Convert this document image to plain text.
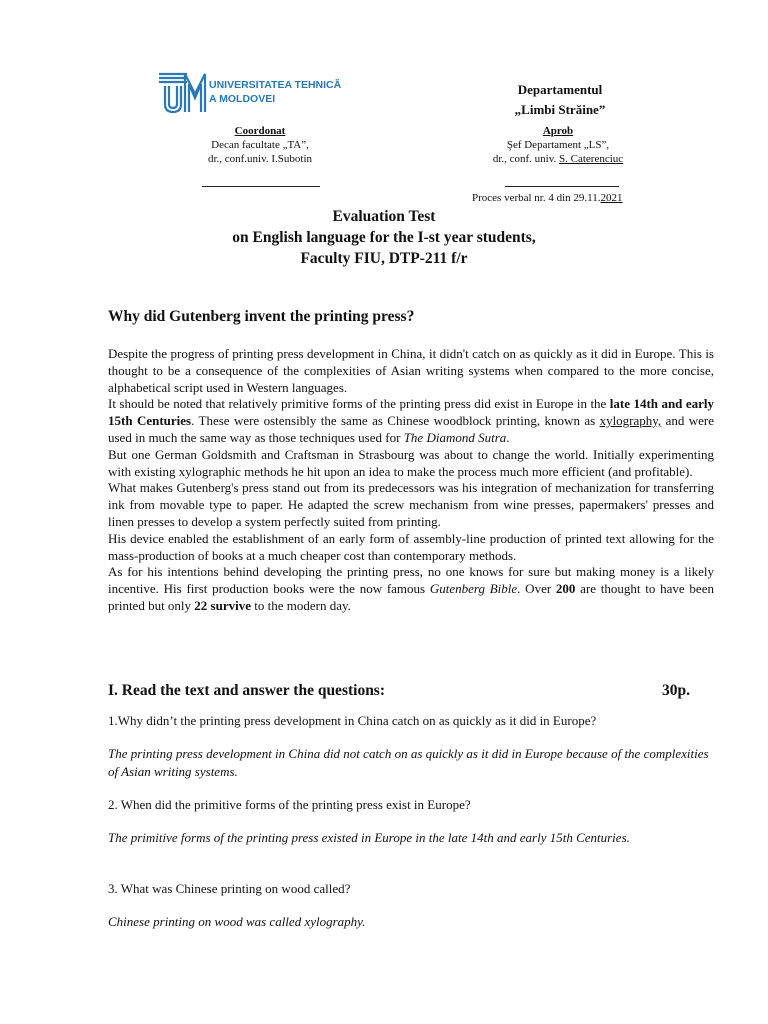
UNIVERSITATEA TEHNICĂ
A MOLDOVEI
Departamentul
„Limbi Străine”
Coordonat
Decan facultate „TA”,
dr., conf.univ. I.Subotin
Aprob
Şef Departament „LS”,
dr., conf. univ. S. Caterenciuc
Proces verbal nr. 4 din 29.11.2021
Evaluation Test
on English language for the I-st year students,
Faculty FIU, DTP-211 f/r
Why did Gutenberg invent the printing press?

Despite the progress of printing press development in China, it didn't catch on as quickly as it did in Europe. This is thought to be a consequence of the complexities of Asian writing systems when compared to the more concise, alphabetical script used in Western languages.

It should be noted that relatively primitive forms of the printing press did exist in Europe in the late 14th and early 15th Centuries. These were ostensibly the same as Chinese woodblock printing, known as xylography, and were used in much the same way as those techniques used for The Diamond Sutra.

But one German Goldsmith and Craftsman in Strasbourg was about to change the world. Initially experimenting with existing xylographic methods he hit upon an idea to make the process much more efficient (and profitable).

What makes Gutenberg's press stand out from its predecessors was his integration of mechanization for transferring ink from movable type to paper. He adapted the screw mechanism from wine presses, papermakers' presses and linen presses to develop a system perfectly suited from printing.

His device enabled the establishment of an early form of assembly-line production of printed text allowing for the mass-production of books at a much cheaper cost than contemporary methods.

As for his intentions behind developing the printing press, no one knows for sure but making money is a likely incentive. His first production books were the now famous Gutenberg Bible. Over 200 are thought to have been printed but only 22 survive to the modern day.

I. Read the text and answer the questions:	30p.
1.Why didn’t the printing press development in China catch on as quickly as it did in Europe?
The printing press development in China did not catch on as quickly as it did in Europe because of the complexities of Asian writing systems.
2. When did the primitive forms of the printing press exist in Europe?
The primitive forms of the printing press existed in Europe in the late 14th and early 15th Centuries.
3. What was Chinese printing on wood called?
Chinese printing on wood was called xylography.
